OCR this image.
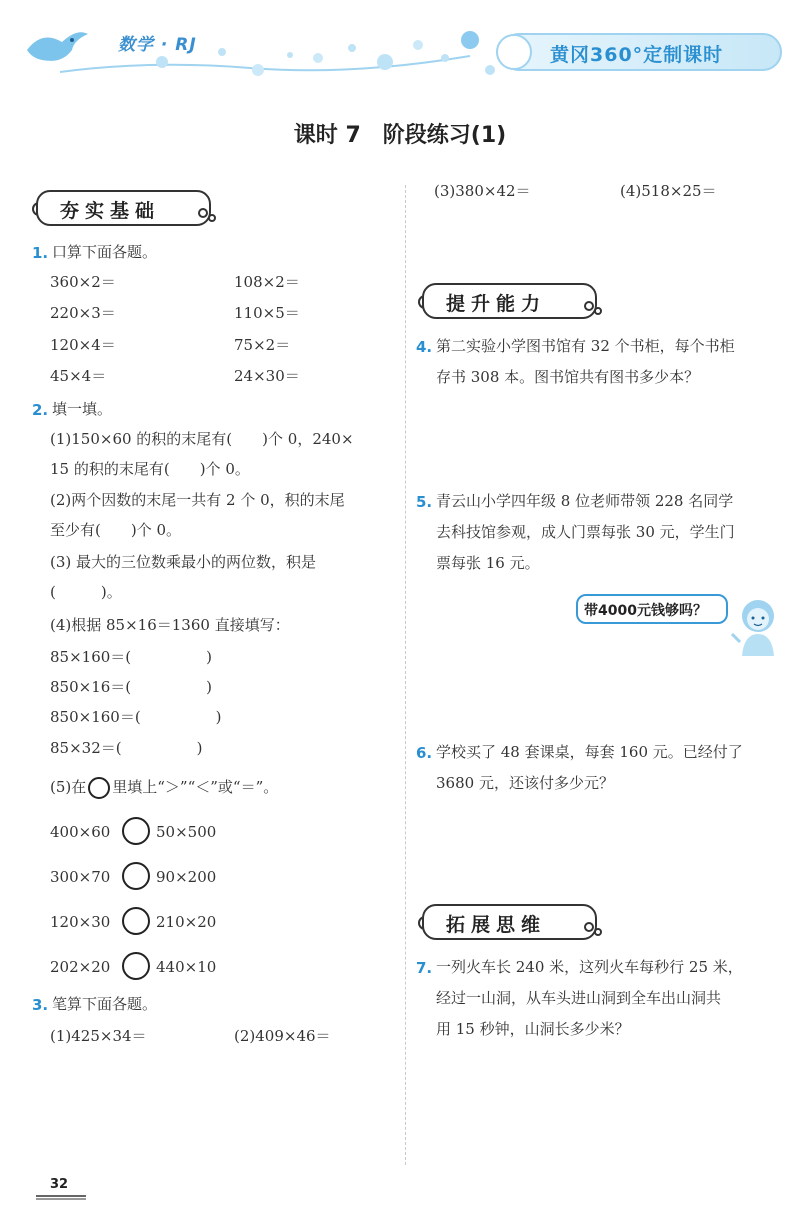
数学 · RJ	黄冈360°定制课时
课时 7　阶段练习(1)
夯实基础
1. 口算下面各题。
360×2＝	108×2＝
220×3＝	110×5＝
120×4＝	75×2＝
45×4＝	24×30＝
2. 填一填。
(1)150×60 的积的末尾有(　　)个 0，240×
15 的积的末尾有(　　)个 0。
(2)两个因数的末尾一共有 2 个 0，积的末尾
至少有(　　)个 0。
(3) 最大的三位数乘最小的两位数，积是
(　　　)。
(4)根据 85×16＝1360 直接填写：
85×160＝(　　　　　)
850×16＝(　　　　　)
850×160＝(　　　　　)
85×32＝(　　　　　)
(5)在 里填上“＞”“＜”或“＝”。
400×60	50×500
300×70	90×200
120×30	210×20
202×20	440×10
3. 笔算下面各题。
(1)425×34＝	(2)409×46＝
(3)380×42＝	(4)518×25＝
提升能力
4. 第二实验小学图书馆有 32 个书柜，每个书柜
存书 308 本。图书馆共有图书多少本？
5. 青云山小学四年级 8 位老师带领 228 名同学
去科技馆参观，成人门票每张 30 元，学生门
票每张 16 元。
带4000元钱够吗？
6. 学校买了 48 套课桌，每套 160 元。已经付了
3680 元，还该付多少元？
拓展思维
7. 一列火车长 240 米，这列火车每秒行 25 米，
经过一山洞，从车头进山洞到全车出山洞共
用 15 秒钟，山洞长多少米？
32
